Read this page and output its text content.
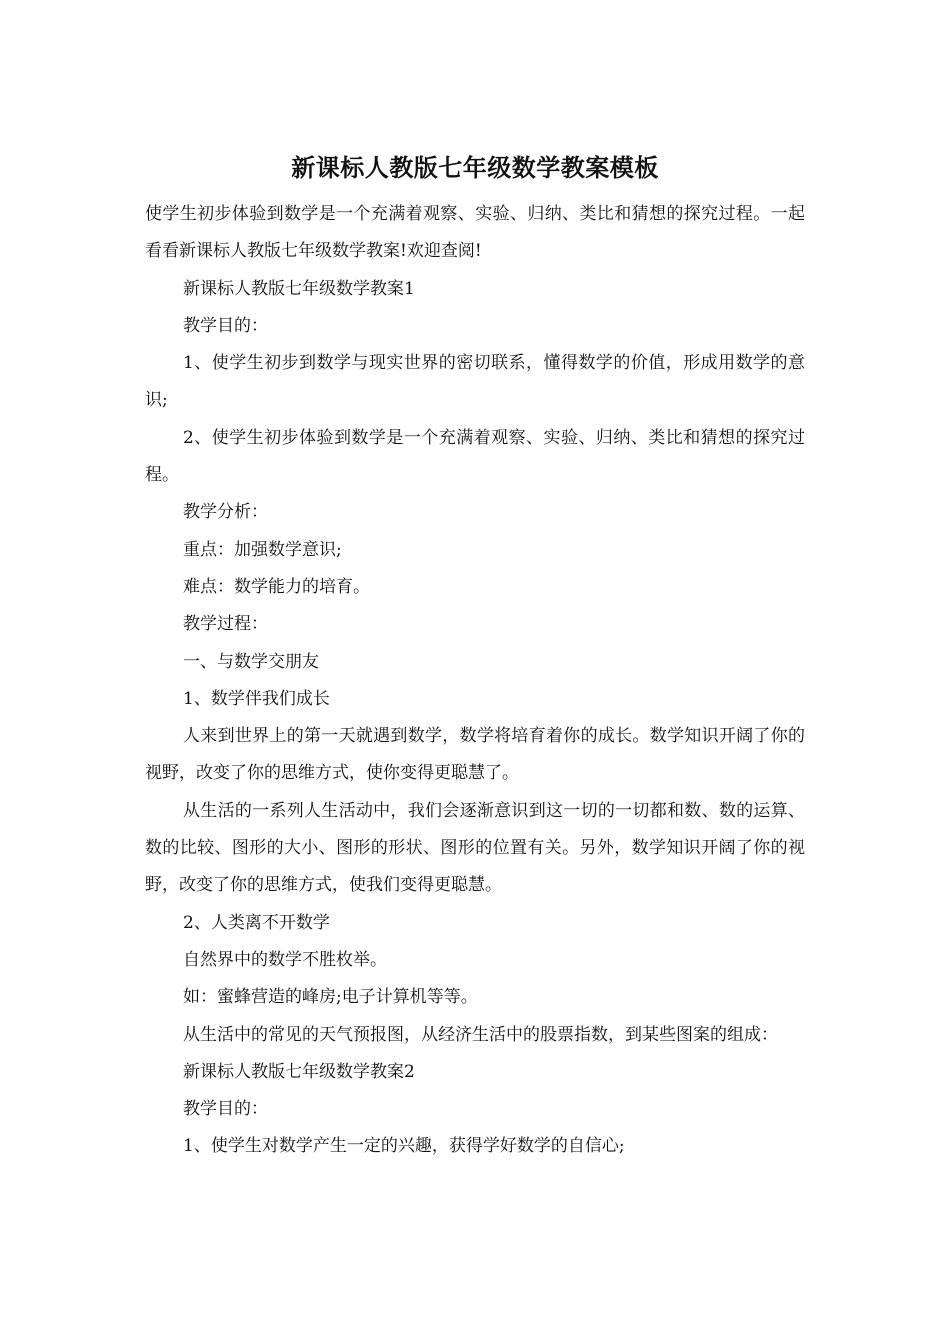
新课标人教版七年级数学教案模板

使学生初步体验到数学是一个充满着观察、实验、归纳、类比和猜想的探究过程。一起看看新课标人教版七年级数学教案!欢迎查阅!

新课标人教版七年级数学教案1

教学目的：

1、使学生初步到数学与现实世界的密切联系，懂得数学的价值，形成用数学的意识;

2、使学生初步体验到数学是一个充满着观察、实验、归纳、类比和猜想的探究过程。

教学分析：

重点：加强数学意识;

难点：数学能力的培育。

教学过程：

一、与数学交朋友

1、数学伴我们成长

人来到世界上的第一天就遇到数学，数学将培育着你的成长。数学知识开阔了你的视野，改变了你的思维方式，使你变得更聪慧了。

从生活的一系列人生活动中，我们会逐渐意识到这一切的一切都和数、数的运算、数的比较、图形的大小、图形的形状、图形的位置有关。另外，数学知识开阔了你的视野，改变了你的思维方式，使我们变得更聪慧。

2、人类离不开数学

自然界中的数学不胜枚举。

如：蜜蜂营造的峰房;电子计算机等等。

从生活中的常见的天气预报图，从经济生活中的股票指数，到某些图案的组成：

新课标人教版七年级数学教案2

教学目的：

1、使学生对数学产生一定的兴趣，获得学好数学的自信心;
